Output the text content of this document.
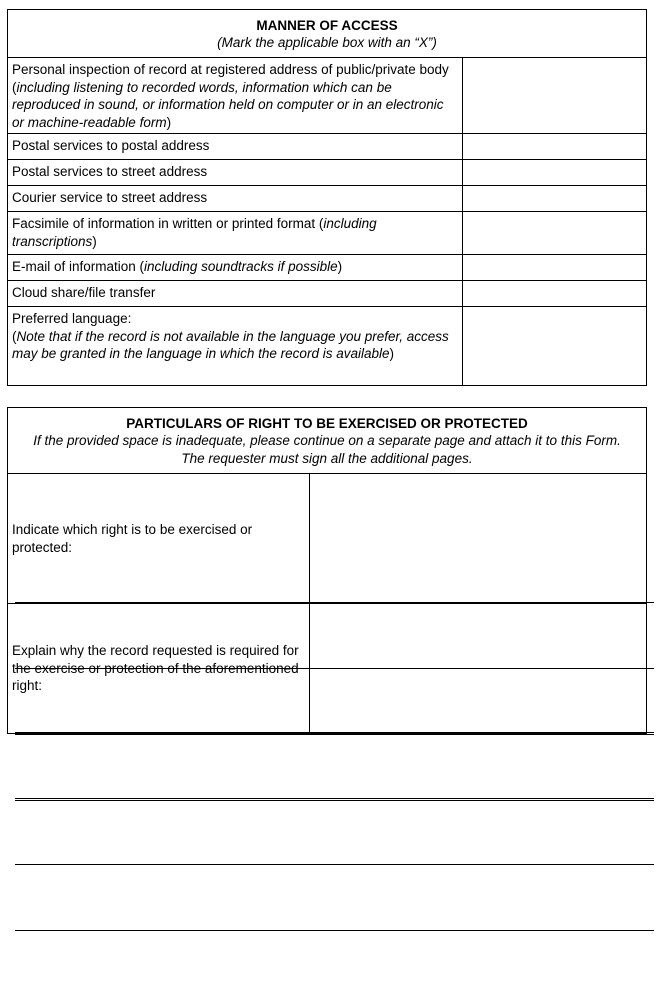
MANNER OF ACCESS
(Mark the applicable box with an “X”)	

Personal inspection of record at registered address of public/private body (including listening to recorded words, information which can be reproduced in sound, or information held on computer or in an electronic or machine-readable form)	
Postal services to postal address	
Postal services to street address	
Courier service to street address	
Facsimile of information in written or printed format (including transcriptions)	
E-mail of information (including soundtracks if possible)	
Cloud share/file transfer	
Preferred language:
(Note that if the record is not available in the language you prefer, access may be granted in the language in which the record is available)	
PARTICULARS OF RIGHT TO BE EXERCISED OR PROTECTED
If the provided space is inadequate, please continue on a separate page and attach it to this Form.
The requester must sign all the additional pages.

Indicate which right is to be exercised or protected:	

Explain why the record requested is required for the exercise or protection of the aforementioned right:	
